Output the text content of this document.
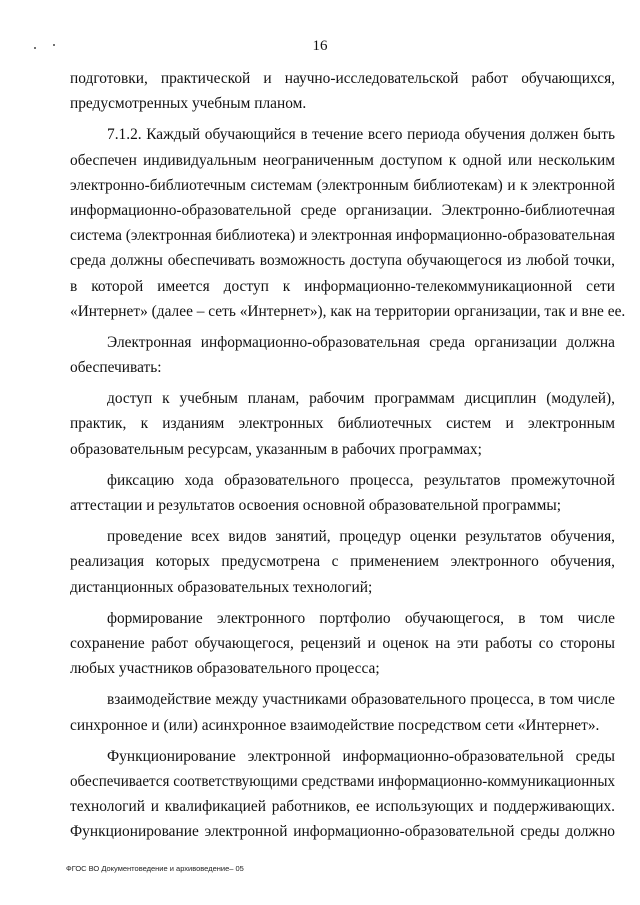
16
подготовки, практической и научно-исследовательской работ обучающихся,
предусмотренных учебным планом.
7.1.2. Каждый обучающийся в течение всего периода обучения должен быть
обеспечен индивидуальным неограниченным доступом к одной или нескольким
электронно-библиотечным системам (электронным библиотекам) и к электронной
информационно-образовательной среде организации. Электронно-библиотечная
система (электронная библиотека) и электронная информационно-образовательная
среда должны обеспечивать возможность доступа обучающегося из любой точки,
в которой имеется доступ к информационно-телекоммуникационной сети
«Интернет» (далее – сеть «Интернет»), как на территории организации, так и вне ее.
Электронная информационно-образовательная среда организации должна
обеспечивать:
доступ к учебным планам, рабочим программам дисциплин (модулей),
практик, к изданиям электронных библиотечных систем и электронным
образовательным ресурсам, указанным в рабочих программах;
фиксацию хода образовательного процесса, результатов промежуточной
аттестации и результатов освоения основной образовательной программы;
проведение всех видов занятий, процедур оценки результатов обучения,
реализация которых предусмотрена с применением электронного обучения,
дистанционных образовательных технологий;
формирование электронного портфолио обучающегося, в том числе
сохранение работ обучающегося, рецензий и оценок на эти работы со стороны
любых участников образовательного процесса;
взаимодействие между участниками образовательного процесса, в том числе
синхронное и (или) асинхронное взаимодействие посредством сети «Интернет».
Функционирование электронной информационно-образовательной среды
обеспечивается соответствующими средствами информационно-коммуникационных
технологий и квалификацией работников, ее использующих и поддерживающих.
Функционирование электронной информационно-образовательной среды должно
ФГОС ВО Документоведение и архивоведение– 05
